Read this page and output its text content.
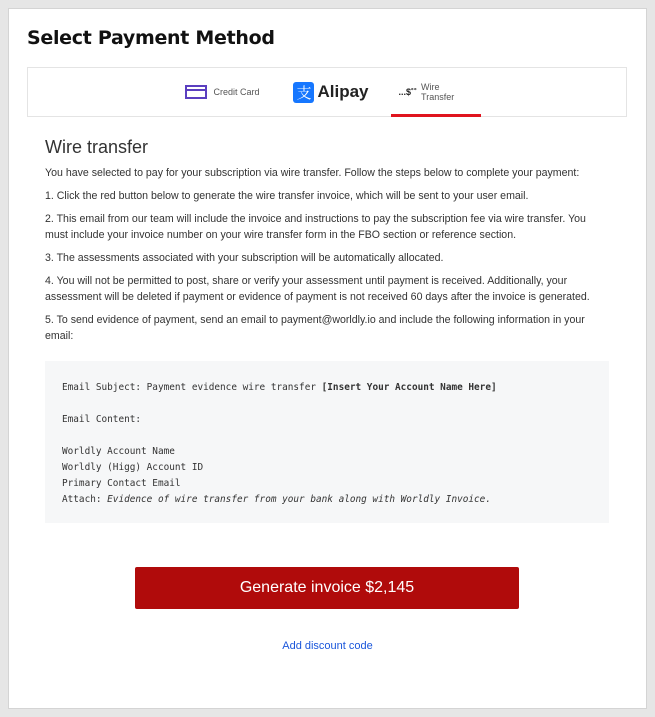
Select Payment Method
Credit Card 支 Alipay	...$˚˚ Wire Transfer
Wire transfer

You have selected to pay for your subscription via wire transfer. Follow the steps below to complete your payment:

1. Click the red button below to generate the wire transfer invoice, which will be sent to your user email.

2. This email from our team will include the invoice and instructions to pay the subscription fee via wire transfer. You must include your invoice number on your wire transfer form in the FBO section or reference section.

3. The assessments associated with your subscription will be automatically allocated.

4. You will not be permitted to post, share or verify your assessment until payment is received. Additionally, your assessment will be deleted if payment or evidence of payment is not received 60 days after the invoice is generated.

5. To send evidence of payment, send an email to payment@worldly.io and include the following information in your email:

Email Subject: Payment evidence wire transfer [Insert Your Account Name Here]

Email Content:

Worldly Account Name
Worldly (Higg) Account ID
Primary Contact Email
Attach: Evidence of wire transfer from your bank along with Worldly Invoice.
Generate invoice $2,145
Add discount code
